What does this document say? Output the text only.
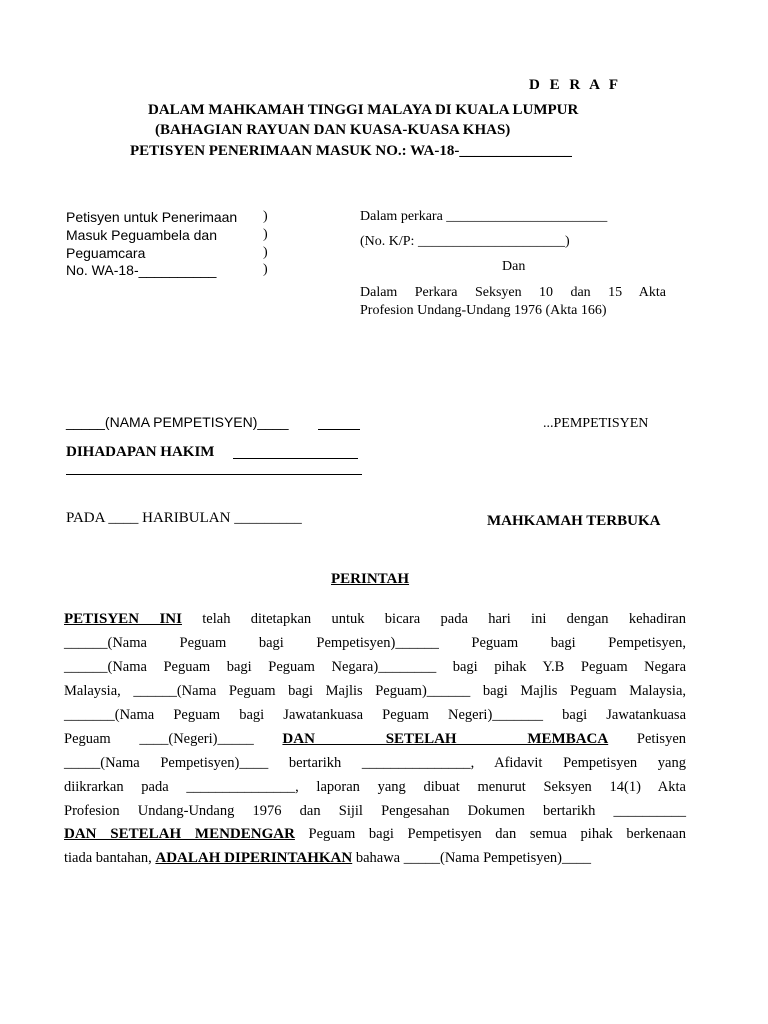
D E R A F
DALAM MAHKAMAH TINGGI MALAYA DI KUALA LUMPUR
(BAHAGIAN RAYUAN DAN KUASA-KUASA KHAS)
PETISYEN PENERIMAAN MASUK NO.: WA-18-_______________
Petisyen untuk Penerimaan
Masuk Peguambela dan
Peguamcara
No. WA-18-__________
)
)
)
)
Dalam perkara _______________________
(No. K/P: _____________________)
Dan
Dalam Perkara Seksyen 10 dan 15 Akta
Profesion Undang-Undang 1976 (Akta 166)
_____(NAMA PEMPETISYEN)____	...PEMPETISYEN
DIHADAPAN HAKIM
PADA ____ HARIBULAN _________	MAHKAMAH TERBUKA
PERINTAH
PETISYEN INI telah ditetapkan untuk bicara pada hari ini dengan kehadiran
______(Nama Peguam bagi Pempetisyen)______ Peguam bagi Pempetisyen,
______(Nama Peguam bagi Peguam Negara)________ bagi pihak Y.B Peguam Negara
Malaysia, ______(Nama Peguam bagi Majlis Peguam)______ bagi Majlis Peguam Malaysia,
_______(Nama Peguam bagi Jawatankuasa Peguam Negeri)_______ bagi Jawatankuasa
Peguam ____(Negeri)_____ DAN SETELAH MEMBACA Petisyen
_____(Nama Pempetisyen)____ bertarikh _______________, Afidavit Pempetisyen yang
diikrarkan pada _______________, laporan yang dibuat menurut Seksyen 14(1) Akta
Profesion Undang-Undang 1976 dan Sijil Pengesahan Dokumen bertarikh __________
DAN SETELAH MENDENGAR Peguam bagi Pempetisyen dan semua pihak berkenaan
tiada bantahan, ADALAH DIPERINTAHKAN bahawa _____(Nama Pempetisyen)____
